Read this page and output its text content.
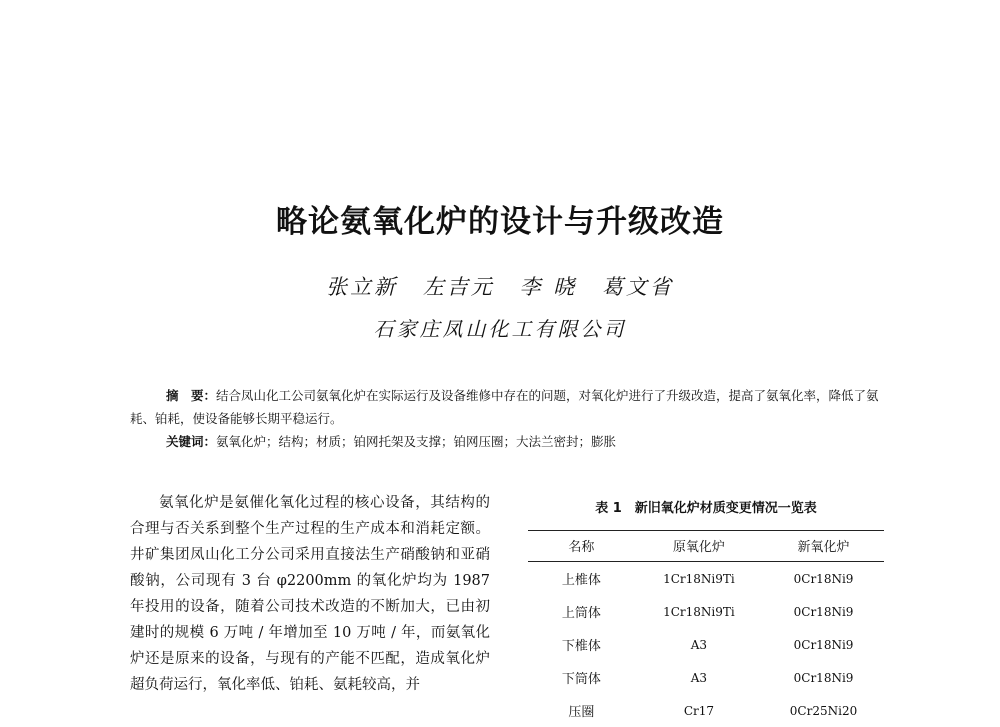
略论氨氧化炉的设计与升级改造
张立新 左吉元 李 晓 葛文省
石家庄凤山化工有限公司
摘　要：结合凤山化工公司氨氧化炉在实际运行及设备维修中存在的问题，对氧化炉进行了升级改造，提高了氨氧化率，降低了氨耗、铂耗，使设备能够长期平稳运行。
关键词：氨氧化炉；结构；材质；铂网托架及支撑；铂网压圈；大法兰密封；膨胀

氨氧化炉是氨催化氧化过程的核心设备，其结构的合理与否关系到整个生产过程的生产成本和消耗定额。井矿集团凤山化工分公司采用直接法生产硝酸钠和亚硝酸钠，公司现有 3 台 φ2200mm 的氧化炉均为 1987 年投用的设备，随着公司技术改造的不断加大，已由初建时的规模 6 万吨 / 年增加至 10 万吨 / 年，而氨氧化炉还是原来的设备，与现有的产能不匹配，造成氧化炉超负荷运行，氧化率低、铂耗、氨耗较高，并

表 1　新旧氧化炉材质变更情况一览表
名称	原氧化炉	新氧化炉
上椎体	1Cr18Ni9Ti	0Cr18Ni9
上筒体	1Cr18Ni9Ti	0Cr18Ni9
下椎体	A3	0Cr18Ni9
下筒体	A3	0Cr18Ni9
压圈	Cr17	0Cr25Ni20
